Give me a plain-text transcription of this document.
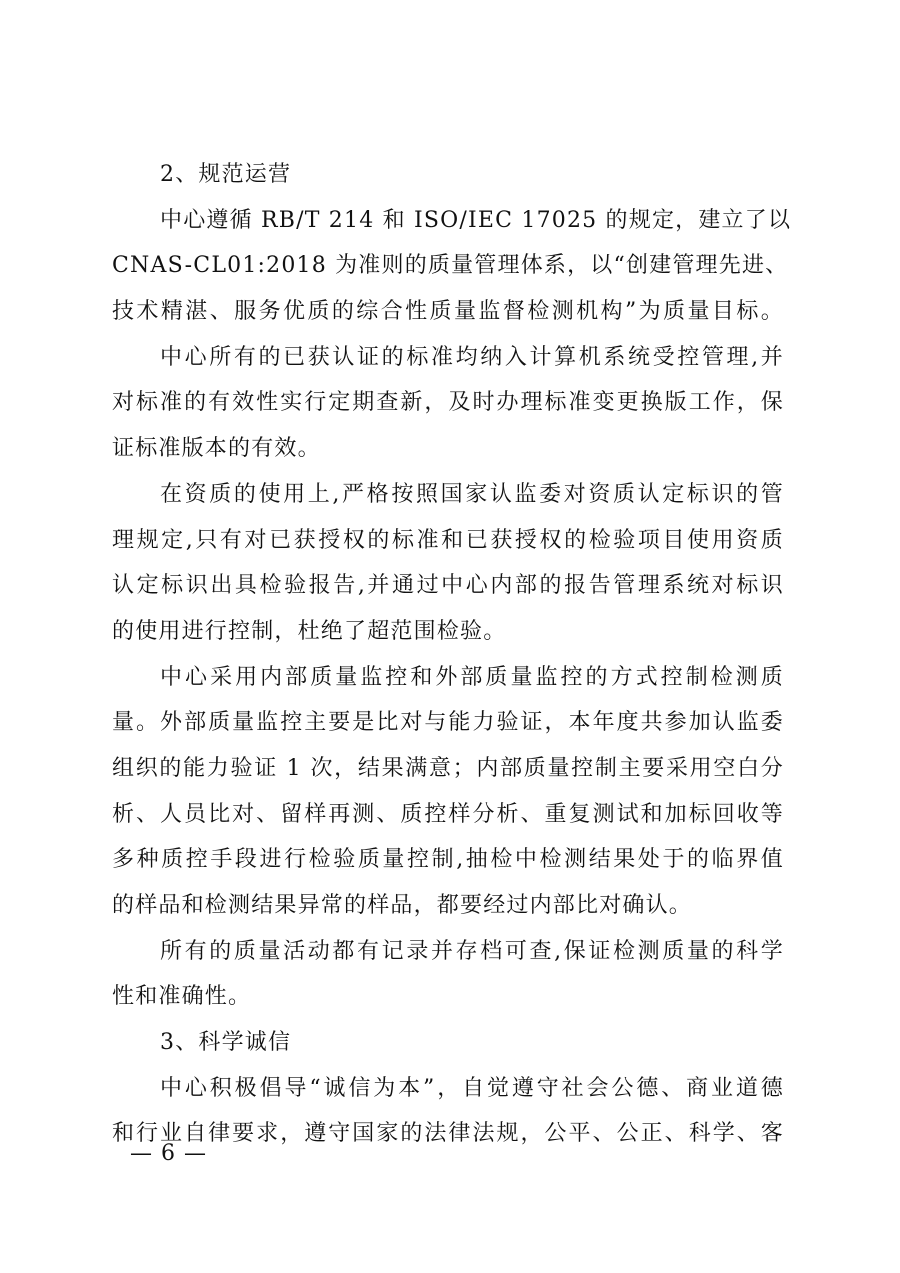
2、规范运营
中心遵循 RB/T 214 和 ISO/IEC 17025 的规定，建立了以
CNAS-CL01:2018 为准则的质量管理体系，以“创建管理先进、
技术精湛、服务优质的综合性质量监督检测机构”为质量目标。
中心所有的已获认证的标准均纳入计算机系统受控管理,并
对标准的有效性实行定期查新，及时办理标准变更换版工作，保
证标准版本的有效。
在资质的使用上,严格按照国家认监委对资质认定标识的管
理规定,只有对已获授权的标准和已获授权的检验项目使用资质
认定标识出具检验报告,并通过中心内部的报告管理系统对标识
的使用进行控制，杜绝了超范围检验。
中心采用内部质量监控和外部质量监控的方式控制检测质
量。外部质量监控主要是比对与能力验证，本年度共参加认监委
组织的能力验证 1 次，结果满意；内部质量控制主要采用空白分
析、人员比对、留样再测、质控样分析、重复测试和加标回收等
多种质控手段进行检验质量控制,抽检中检测结果处于的临界值
的样品和检测结果异常的样品，都要经过内部比对确认。
所有的质量活动都有记录并存档可查,保证检测质量的科学
性和准确性。
3、科学诚信
中心积极倡导“诚信为本”，自觉遵守社会公德、商业道德
和行业自律要求，遵守国家的法律法规，公平、公正、科学、客
— 6 —
